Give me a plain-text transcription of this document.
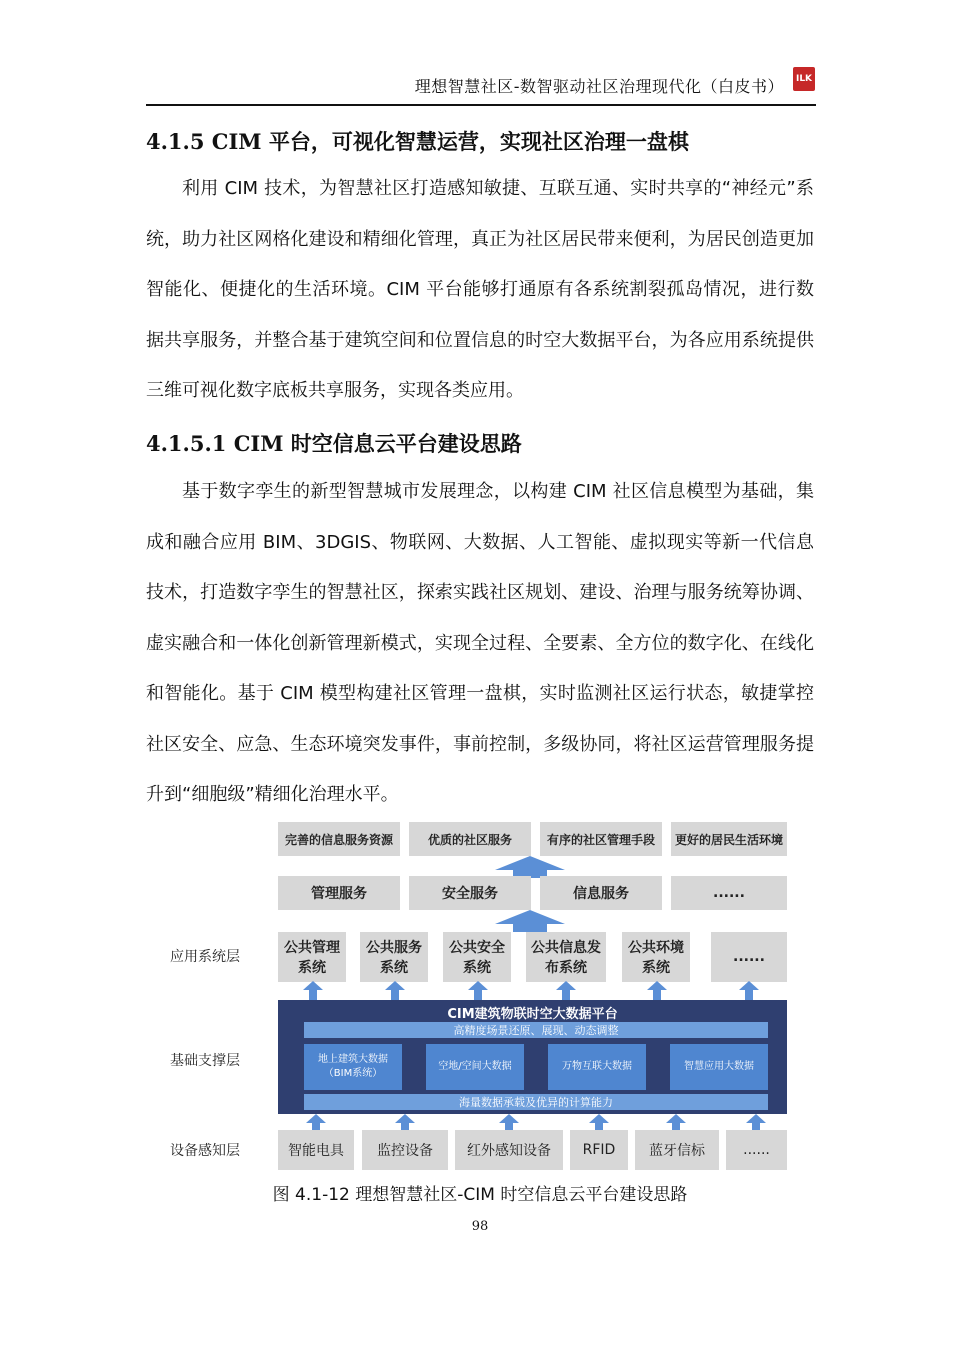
理想智慧社区-数智驱动社区治理现代化（白皮书）	ILK
4.1.5 CIM 平台，可视化智慧运营，实现社区治理一盘棋
利用 CIM 技术，为智慧社区打造感知敏捷、互联互通、实时共享的“神经元”系统，助力社区网格化建设和精细化管理，真正为社区居民带来便利，为居民创造更加智能化、便捷化的生活环境。CIM 平台能够打通原有各系统割裂孤岛情况，进行数据共享服务，并整合基于建筑空间和位置信息的时空大数据平台，为各应用系统提供三维可视化数字底板共享服务，实现各类应用。
4.1.5.1 CIM 时空信息云平台建设思路
基于数字孪生的新型智慧城市发展理念，以构建 CIM 社区信息模型为基础，集成和融合应用 BIM、3DGIS、物联网、大数据、人工智能、虚拟现实等新一代信息技术，打造数字孪生的智慧社区，探索实践社区规划、建设、治理与服务统筹协调、虚实融合和一体化创新管理新模式，实现全过程、全要素、全方位的数字化、在线化和智能化。基于 CIM 模型构建社区管理一盘棋，实时监测社区运行状态，敏捷掌控社区安全、应急、生态环境突发事件，事前控制，多级协同，将社区运营管理服务提升到“细胞级”精细化治理水平。
完善的信息服务资源	优质的社区服务	有序的社区管理手段	更好的居民生活环境
管理服务	安全服务	信息服务	......
应用系统层
公共管理系统
公共服务系统
公共安全系统
公共信息发布系统
公共环境系统
......
基础支撑层
CIM建筑物联时空大数据平台
高精度场景还原、展现、动态调整
地上建筑大数据（BIM系统）
空地/空间大数据	万物互联大数据	智慧应用大数据
海量数据承载及优异的计算能力
设备感知层	智能电具	监控设备	红外感知设备	RFID	蓝牙信标	......
图 4.1-12 理想智慧社区-CIM 时空信息云平台建设思路
98
